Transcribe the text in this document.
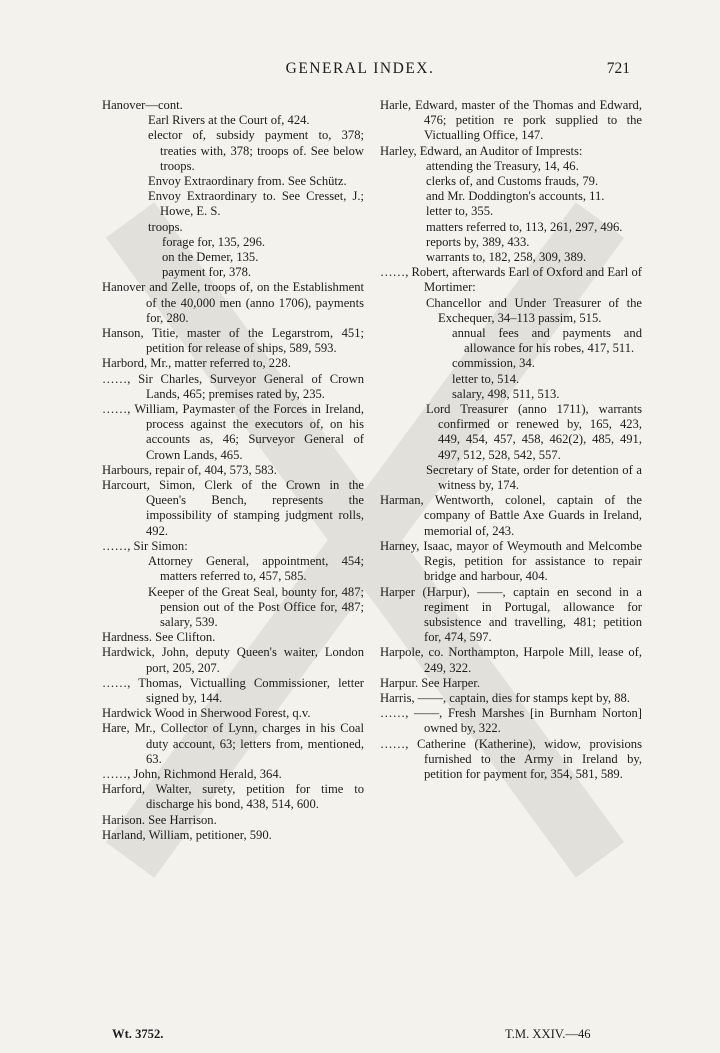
GENERAL INDEX.	721

Hanover—cont.

Earl Rivers at the Court of, 424.

elector of, subsidy payment to, 378; treaties with, 378; troops of. See below troops.

Envoy Extraordinary from. See Schütz.

Envoy Extraordinary to. See Cresset, J.; Howe, E. S.

troops.

forage for, 135, 296.

on the Demer, 135.

payment for, 378.

Hanover and Zelle, troops of, on the Establishment of the 40,000 men (anno 1706), payments for, 280.

Hanson, Titie, master of the Legarstrom, 451; petition for release of ships, 589, 593.

Harbord, Mr., matter referred to, 228.

……, Sir Charles, Surveyor General of Crown Lands, 465; premises rated by, 235.

……, William, Paymaster of the Forces in Ireland, process against the executors of, on his accounts as, 46; Surveyor General of Crown Lands, 465.

Harbours, repair of, 404, 573, 583.

Harcourt, Simon, Clerk of the Crown in the Queen's Bench, represents the impossibility of stamping judgment rolls, 492.

……, Sir Simon:

Attorney General, appointment, 454; matters referred to, 457, 585.

Keeper of the Great Seal, bounty for, 487; pension out of the Post Office for, 487; salary, 539.

Hardness. See Clifton.

Hardwick, John, deputy Queen's waiter, London port, 205, 207.

……, Thomas, Victualling Commissioner, letter signed by, 144.

Hardwick Wood in Sherwood Forest, q.v.

Hare, Mr., Collector of Lynn, charges in his Coal duty account, 63; letters from, mentioned, 63.

……, John, Richmond Herald, 364.

Harford, Walter, surety, petition for time to discharge his bond, 438, 514, 600.

Harison. See Harrison.

Harland, William, petitioner, 590.

Harle, Edward, master of the Thomas and Edward, 476; petition re pork supplied to the Victualling Office, 147.

Harley, Edward, an Auditor of Imprests:

attending the Treasury, 14, 46.

clerks of, and Customs frauds, 79.

and Mr. Doddington's accounts, 11.

letter to, 355.

matters referred to, 113, 261, 297, 496.

reports by, 389, 433.

warrants to, 182, 258, 309, 389.

……, Robert, afterwards Earl of Oxford and Earl of Mortimer:

Chancellor and Under Treasurer of the Exchequer, 34–113 passim, 515.

annual fees and payments and allowance for his robes, 417, 511.

commission, 34.

letter to, 514.

salary, 498, 511, 513.

Lord Treasurer (anno 1711), warrants confirmed or renewed by, 165, 423, 449, 454, 457, 458, 462(2), 485, 491, 497, 512, 528, 542, 557.

Secretary of State, order for detention of a witness by, 174.

Harman, Wentworth, colonel, captain of the company of Battle Axe Guards in Ireland, memorial of, 243.

Harney, Isaac, mayor of Weymouth and Melcombe Regis, petition for assistance to repair bridge and harbour, 404.

Harper (Harpur), ——, captain en second in a regiment in Portugal, allowance for subsistence and travelling, 481; petition for, 474, 597.

Harpole, co. Northampton, Harpole Mill, lease of, 249, 322.

Harpur. See Harper.

Harris, ——, captain, dies for stamps kept by, 88.

……, ——, Fresh Marshes [in Burnham Norton] owned by, 322.

……, Catherine (Katherine), widow, provisions furnished to the Army in Ireland by, petition for payment for, 354, 581, 589.

Wt. 3752.	T.M. XXIV.—46
